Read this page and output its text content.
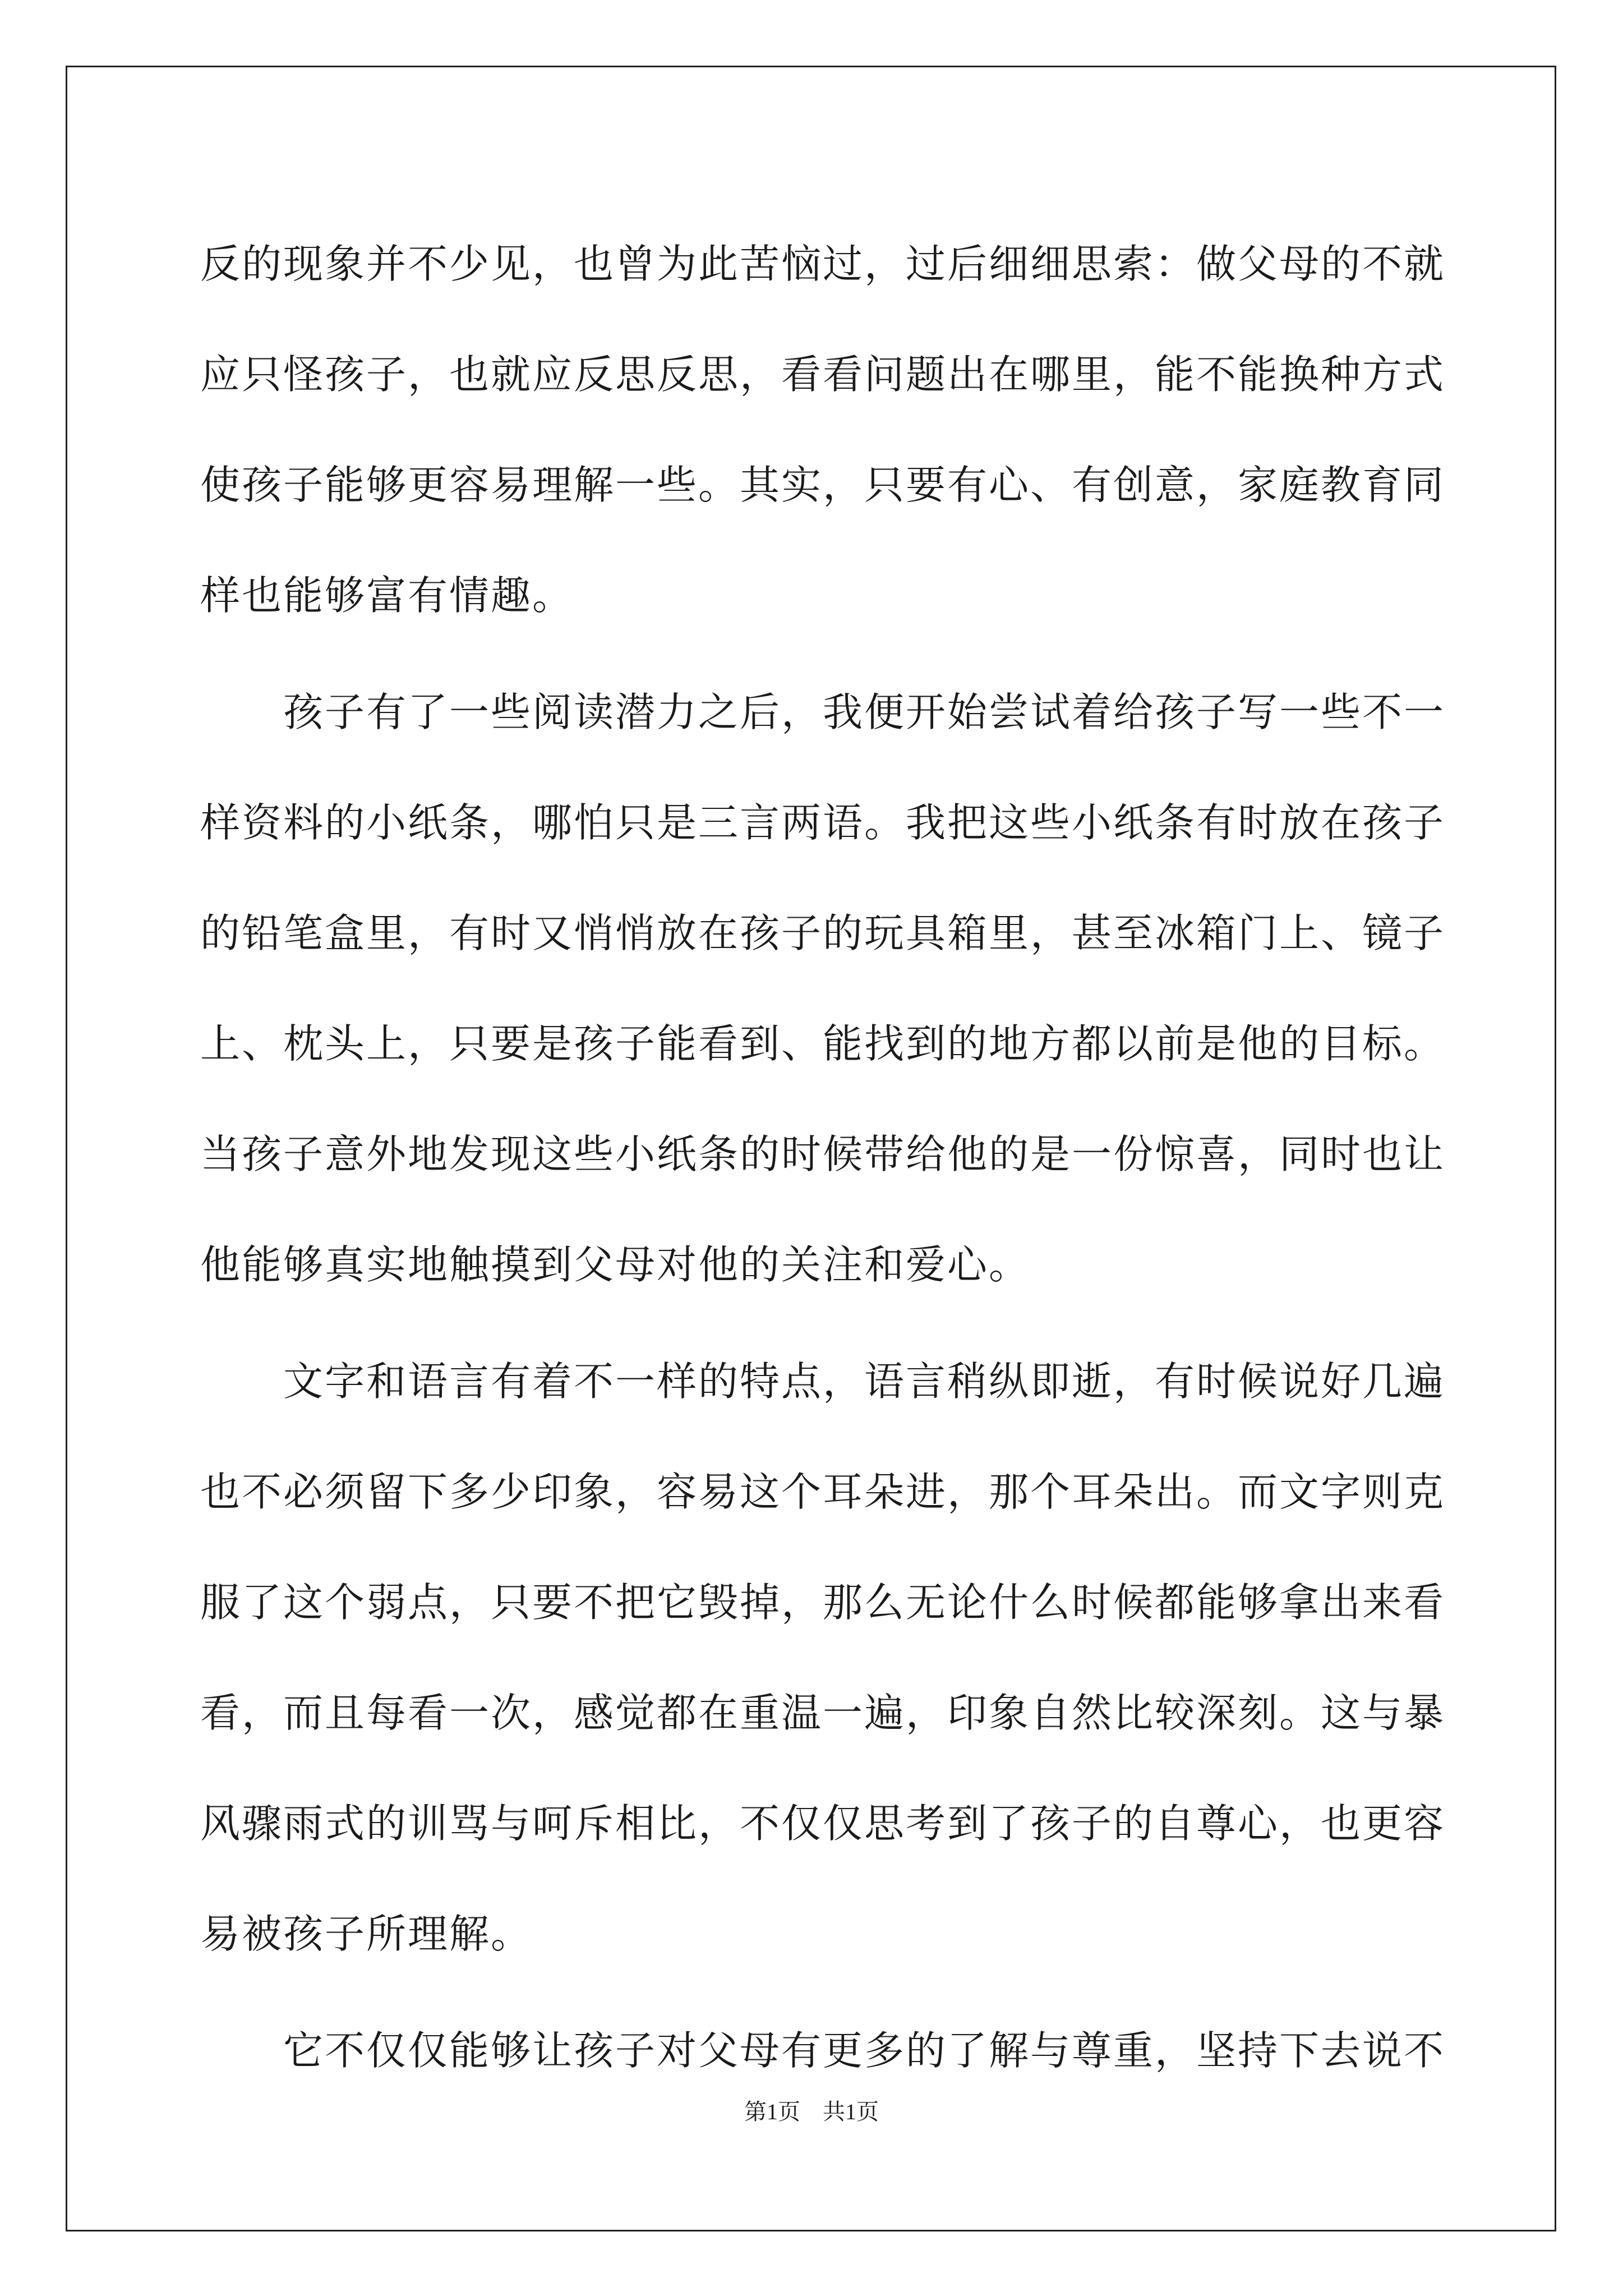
反的现象并不少见，也曾为此苦恼过，过后细细思索：做父母的不就
应只怪孩子，也就应反思反思，看看问题出在哪里，能不能换种方式
使孩子能够更容易理解一些。其实，只要有心、有创意，家庭教育同
样也能够富有情趣。
　　孩子有了一些阅读潜力之后，我便开始尝试着给孩子写一些不一
样资料的小纸条，哪怕只是三言两语。我把这些小纸条有时放在孩子
的铅笔盒里，有时又悄悄放在孩子的玩具箱里，甚至冰箱门上、镜子
上、枕头上，只要是孩子能看到、能找到的地方都以前是他的目标。
当孩子意外地发现这些小纸条的时候带给他的是一份惊喜，同时也让
他能够真实地触摸到父母对他的关注和爱心。
　　文字和语言有着不一样的特点，语言稍纵即逝，有时候说好几遍
也不必须留下多少印象，容易这个耳朵进，那个耳朵出。而文字则克
服了这个弱点，只要不把它毁掉，那么无论什么时候都能够拿出来看
看，而且每看一次，感觉都在重温一遍，印象自然比较深刻。这与暴
风骤雨式的训骂与呵斥相比，不仅仅思考到了孩子的自尊心，也更容
易被孩子所理解。
　　它不仅仅能够让孩子对父母有更多的了解与尊重，坚持下去说不
第1页　共1页
